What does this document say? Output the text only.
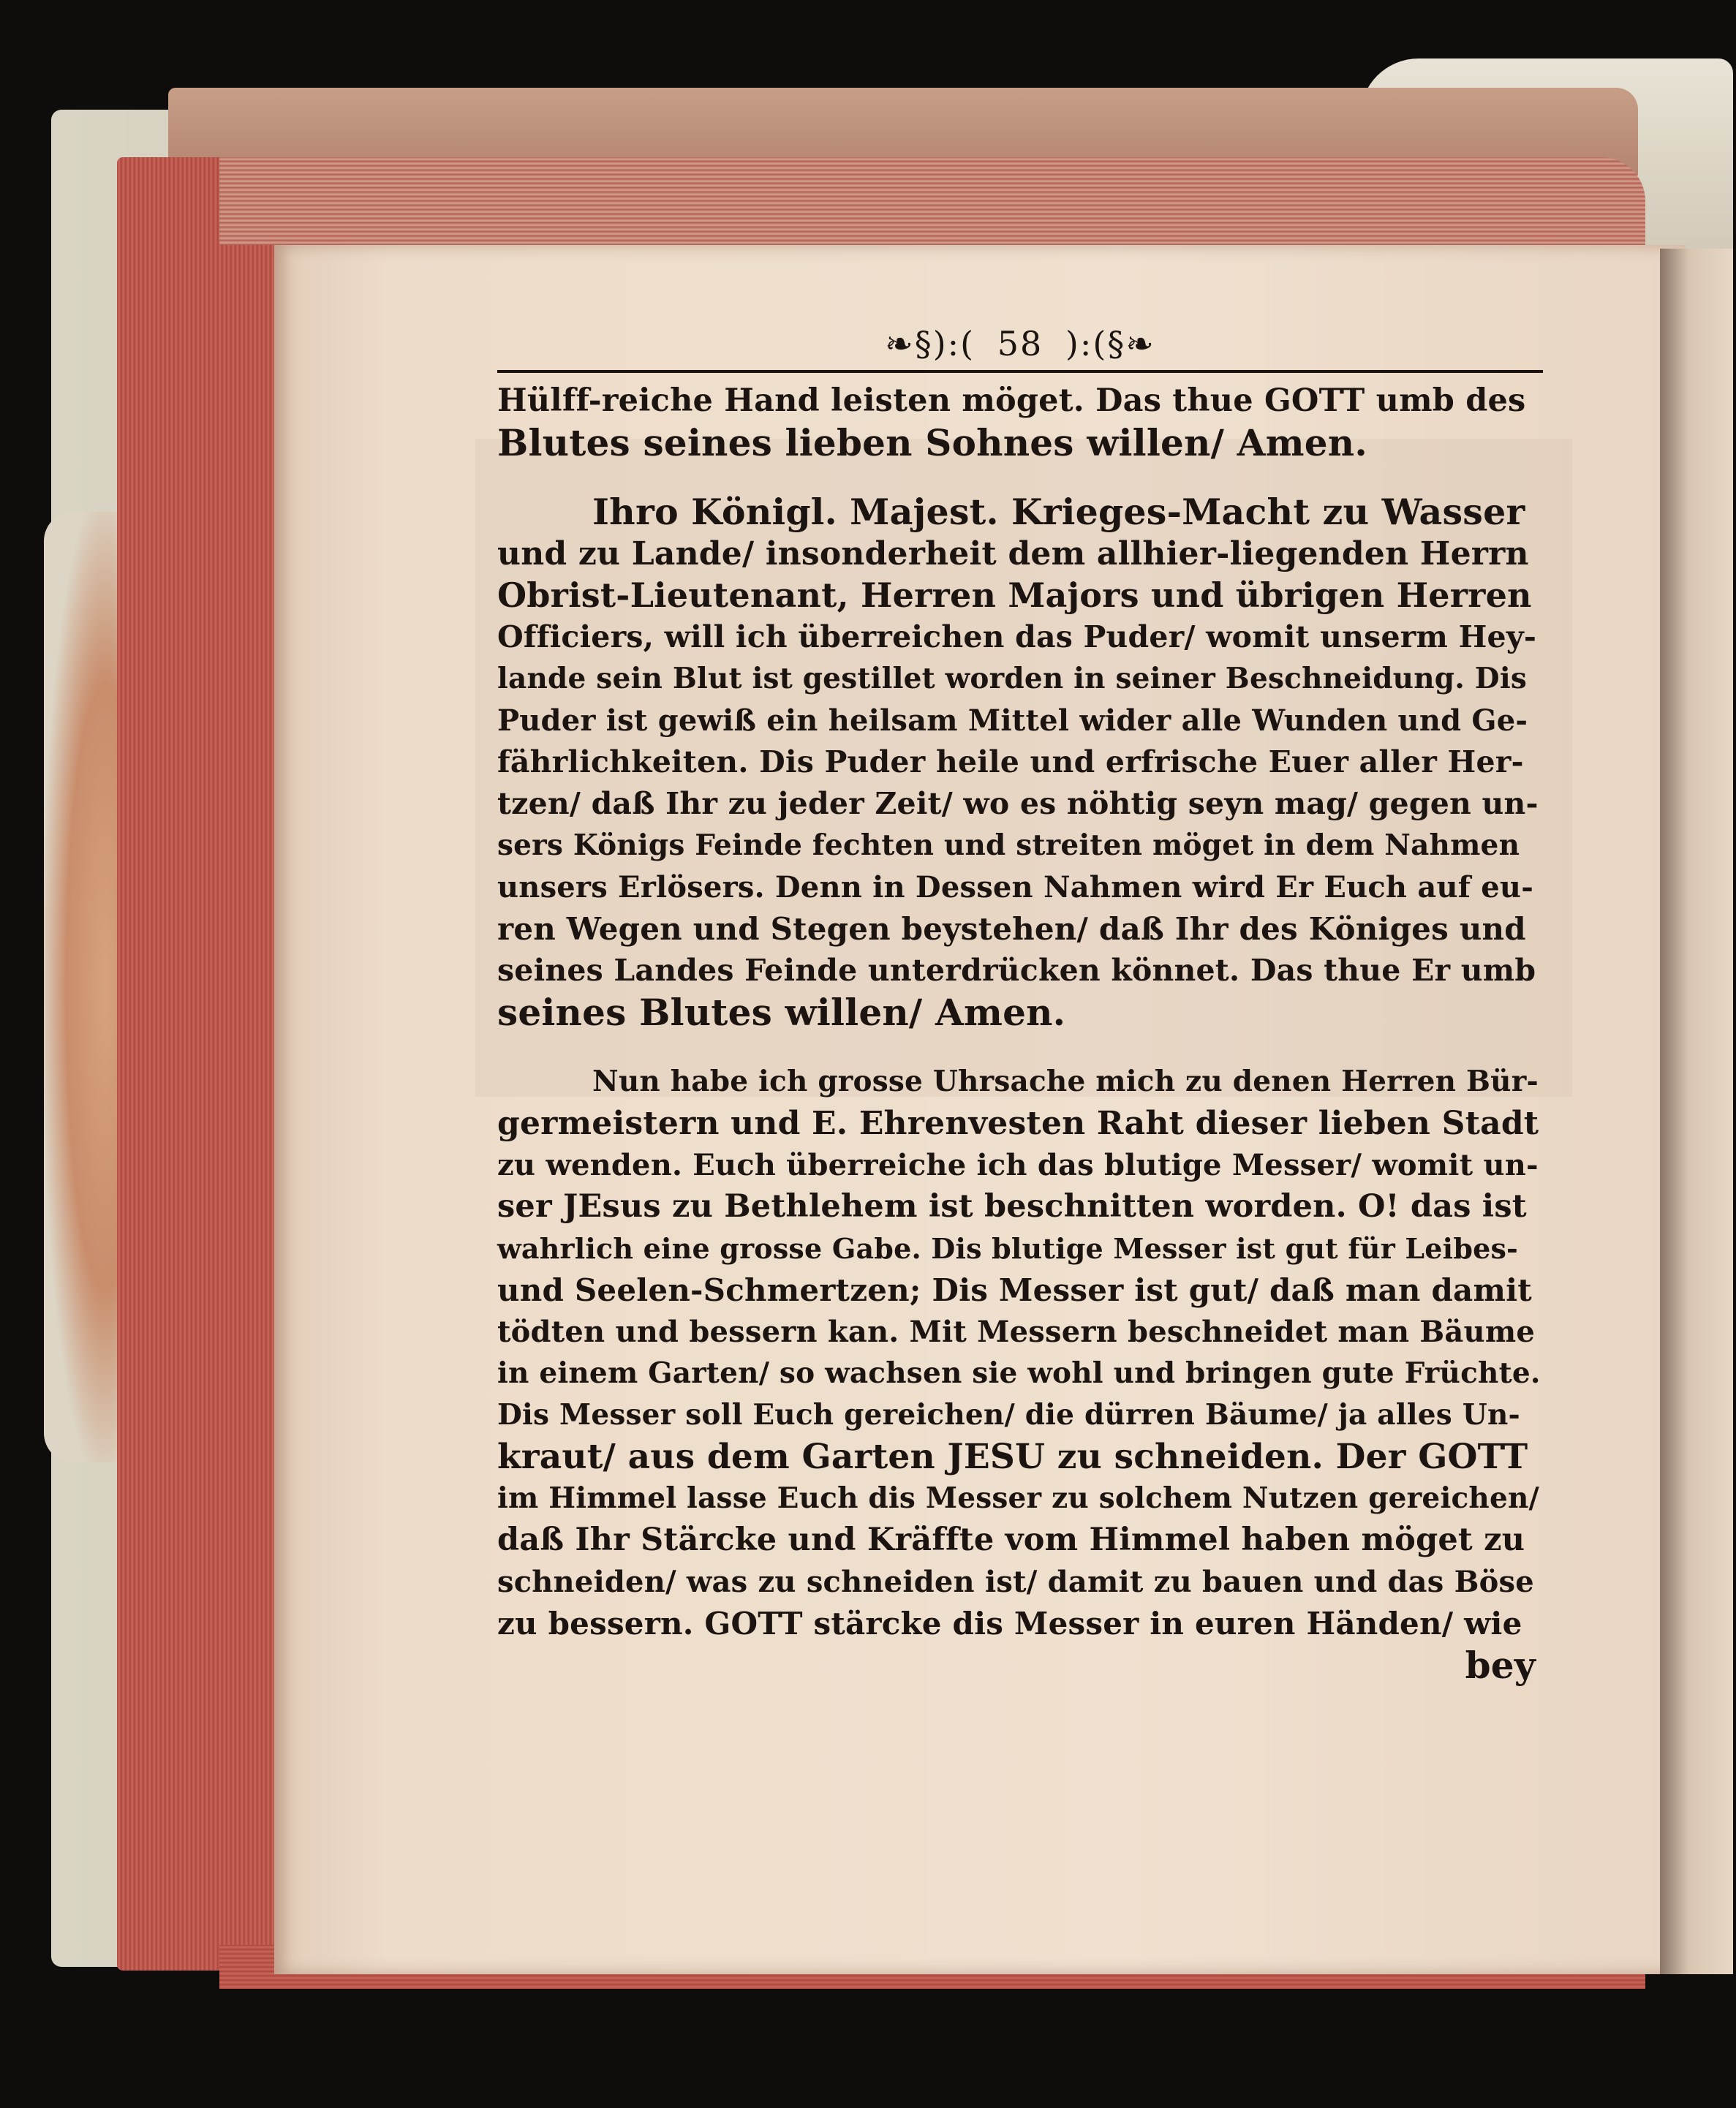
❧§):( 58 ):(§❧
Hülff-reiche Hand leisten möget. Das thue GOTT umb des
Blutes seines lieben Sohnes willen/ Amen.
Ihro Königl. Majest. Krieges-Macht zu Wasser
und zu Lande/ insonderheit dem allhier-liegenden Herrn
Obrist-Lieutenant, Herren Majors und übrigen Herren
Officiers, will ich überreichen das Puder/ womit unserm Hey-
lande sein Blut ist gestillet worden in seiner Beschneidung. Dis
Puder ist gewiß ein heilsam Mittel wider alle Wunden und Ge-
fährlichkeiten. Dis Puder heile und erfrische Euer aller Her-
tzen/ daß Ihr zu jeder Zeit/ wo es nöhtig seyn mag/ gegen un-
sers Königs Feinde fechten und streiten möget in dem Nahmen
unsers Erlösers. Denn in Dessen Nahmen wird Er Euch auf eu-
ren Wegen und Stegen beystehen/ daß Ihr des Königes und
seines Landes Feinde unterdrücken könnet. Das thue Er umb
seines Blutes willen/ Amen.
Nun habe ich grosse Uhrsache mich zu denen Herren Bür-
germeistern und E. Ehrenvesten Raht dieser lieben Stadt
zu wenden. Euch überreiche ich das blutige Messer/ womit un-
ser JEsus zu Bethlehem ist beschnitten worden. O! das ist
wahrlich eine grosse Gabe. Dis blutige Messer ist gut für Leibes-
und Seelen-Schmertzen; Dis Messer ist gut/ daß man damit
tödten und bessern kan. Mit Messern beschneidet man Bäume
in einem Garten/ so wachsen sie wohl und bringen gute Früchte.
Dis Messer soll Euch gereichen/ die dürren Bäume/ ja alles Un-
kraut/ aus dem Garten JESU zu schneiden. Der GOTT
im Himmel lasse Euch dis Messer zu solchem Nutzen gereichen/
daß Ihr Stärcke und Kräffte vom Himmel haben möget zu
schneiden/ was zu schneiden ist/ damit zu bauen und das Böse
zu bessern. GOTT stärcke dis Messer in euren Händen/ wie
bey
